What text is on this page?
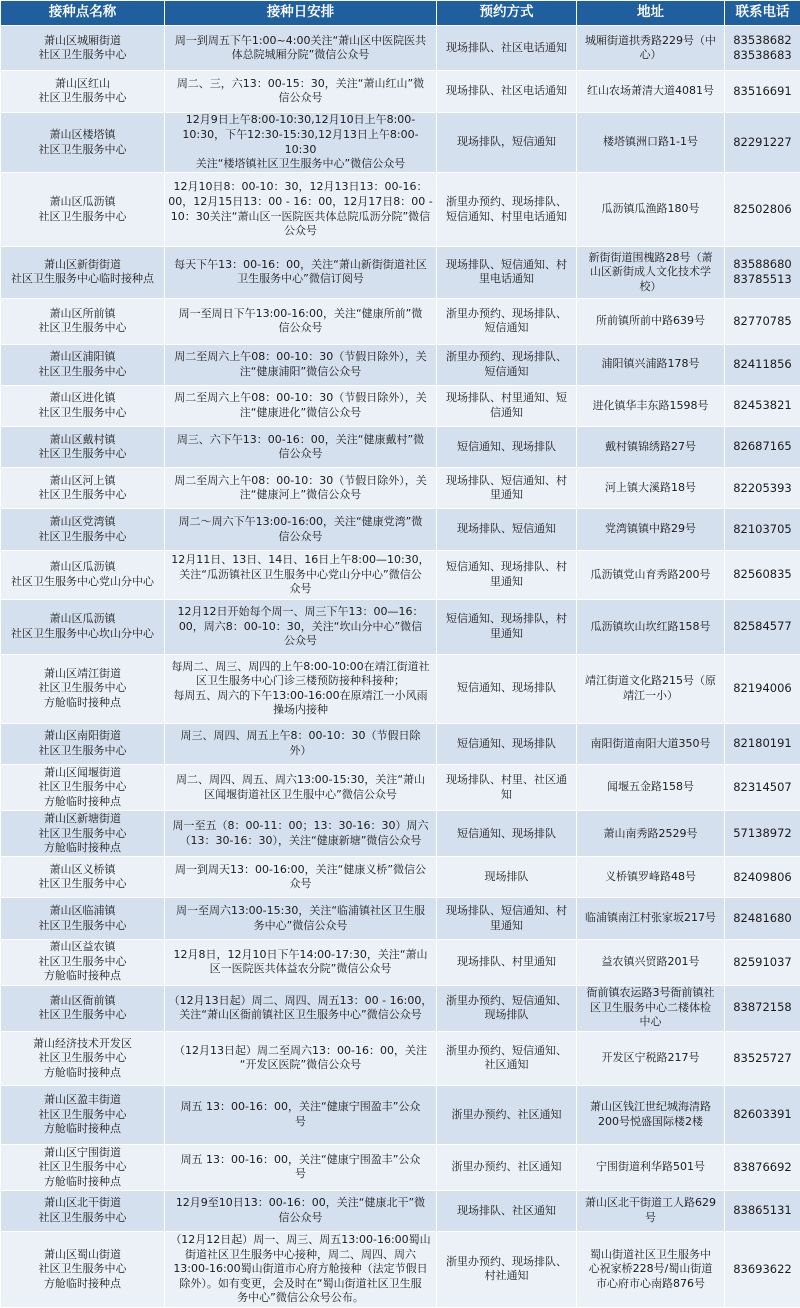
接种点名称	接种日安排	预约方式	地址	联系电话
萧山区城厢街道
社区卫生服务中心	周一到周五下午1:00~4:00关注“萧山区中医院医共
体总院城厢分院”微信公众号	现场排队、社区电话通知	城厢街道拱秀路229号（中
心）	83538682
83538683
萧山区红山
社区卫生服务中心	周二、三，六13：00-15：30，关注“萧山红山”微
信公众号	现场排队、社区电话通知	红山农场萧清大道4081号	83516691
萧山区楼塔镇
社区卫生服务中心	12月9日上午8:00-10:30,12月10日上午8:00-
10:30，下午12:30-15:30,12月13日上午8:00-10:30
关注“楼塔镇社区卫生服务中心”微信公众号	现场排队，短信通知	楼塔镇洲口路1-1号	82291227
萧山区瓜沥镇
社区卫生服务中心	12月10日8：00-10：30，12月13日13：00-16：
00，12月15日13：00 - 16：00，12月17日8：00 -
10：30关注“萧山区一医院医共体总院瓜沥分院”微信
公众号	浙里办预约、现场排队、
短信通知、村里电话通知	瓜沥镇瓜渔路180号	82502806
萧山区新街街道
社区卫生服务中心临时接种点	每天下午13：00-16：00，关注“萧山新街街道社区
卫生服务中心”微信订阅号	现场排队、短信通知、村
里电话通知	新街街道围槐路28号（萧
山区新街成人文化技术学
校）	83588680
83785513
萧山区所前镇
社区卫生服务中心	周一至周日下午13:00-16:00，关注“健康所前”微
信公众号	浙里办预约、现场排队、
短信通知	所前镇所前中路639号	82770785
萧山区浦阳镇
社区卫生服务中心	周二至周六上午08：00-10：30（节假日除外），关
注“健康浦阳”微信公众号	浙里办预约、现场排队、
短信通知	浦阳镇兴浦路178号	82411856
萧山区进化镇
社区卫生服务中心	周二至周六上午08：00-10：30（节假日除外），关
注“健康进化”微信公众号	现场排队、村里通知、短
信通知	进化镇华丰东路1598号	82453821
萧山区戴村镇
社区卫生服务中心	周三、六下午13：00-16：00，关注“健康戴村”微
信公众号	短信通知、现场排队	戴村镇锦绣路27号	82687165
萧山区河上镇
社区卫生服务中心	周二至周六上午08：00-10：30（节假日除外），关
注“健康河上”微信公众号	现场排队、短信通知、村
里通知	河上镇大溪路18号	82205393
萧山区党湾镇
社区卫生服务中心	周二～周六下午13:00-16:00，关注“健康党湾”微
信公众号	现场排队、短信通知	党湾镇镇中路29号	82103705
萧山区瓜沥镇
社区卫生服务中心党山分中心	12月11日、13日、14日、16日上午8:00—10:30，
关注“瓜沥镇社区卫生服务中心党山分中心”微信公
众号	短信通知、现场排队、村
里通知	瓜沥镇党山育秀路200号	82560835
萧山区瓜沥镇
社区卫生服务中心坎山分中心	12月12日开始每个周一、周三下午13：00—16：
00，周六8：00-10：30，关注“坎山分中心”微信
公众号	短信通知、现场排队，村
里通知	瓜沥镇坎山坎红路158号	82584577
萧山区靖江街道
社区卫生服务中心
方舱临时接种点	每周二、周三、周四的上午8:00-10:00在靖江街道社
区卫生服务中心门诊三楼预防接种科接种；
每周五、周六的下午13:00-16:00在原靖江一小风雨
操场内接种	短信通知、现场排队	靖江街道文化路215号（原
靖江一小）	82194006
萧山区南阳街道
社区卫生服务中心	周三、周四、周五上午8：00-10：30（节假日除
外）	短信通知、现场排队	南阳街道南阳大道350号	82180191
萧山区闻堰街道
社区卫生服务中心
方舱临时接种点	周二、周四、周五、周六13:00-15:30，关注“萧山
区闻堰街道社区卫生服中心”微信公众号	现场排队、村里、社区通
知	闻堰五金路158号	82314507
萧山区新塘街道
社区卫生服务中心
方舱临时接种点	周一至五（8：00-11：00；13：30-16：30）周六
（13：30-16：30），关注“健康新塘”微信公众号	短信通知、现场排队	萧山南秀路2529号	57138972
萧山区义桥镇
社区卫生服务中心	周一到周天13：00-16:00，关注“健康义桥”微信公
众号	现场排队	义桥镇罗峰路48号	82409806
萧山区临浦镇
社区卫生服务中心	周一至周六13:00-15:30，关注“临浦镇社区卫生服
务中心”微信公众号	现场排队、短信通知、村
里通知	临浦镇南江村张家坂217号	82481680
萧山区益农镇
社区卫生服务中心
方舱临时接种点	12月8日，12月10日下午14:00-17:30，关注“萧山
区一医院医共体益农分院”微信公众号	现场排队、村里通知	益农镇兴贸路201号	82591037
萧山区衙前镇
社区卫生服务中心	（12月13日起）周二、周四、周五13：00 - 16:00，
关注“萧山区衙前镇社区卫生服务中心”微信公众号	浙里办预约、短信通知、
现场排队	衙前镇农运路3号衙前镇社
区卫生服务中心二楼体检
中心	83872158
萧山经济技术开发区
社区卫生服务中心
方舱临时接种点	（12月13日起）周二至周六13：00-16：00，关注
“开发区医院”微信公众号	浙里办预约、短信通知、
社区通知	开发区宁税路217号	83525727
萧山区盈丰街道
社区卫生服务中心
方舱临时接种点	周五 13：00-16：00，关注“健康宁围盈丰”公众
号	浙里办预约、社区通知	萧山区钱江世纪城海清路
200号悦盛国际楼2楼	82603391
萧山区宁围街道
社区卫生服务中心
方舱临时接种点	周五 13：00-16：00，关注“健康宁围盈丰”公众
号	浙里办预约、社区通知	宁围街道利华路501号	83876692
萧山区北干街道
社区卫生服务中心	12月9至10日13：00-16：00，关注“健康北干”微
信公众号	现场排队、社区通知	萧山区北干街道工人路629
号	83865131
萧山区蜀山街道
社区卫生服务中心
方舱临时接种点	（12月12日起）周一、周三、周五13:00-16:00蜀山
街道社区卫生服务中心接种，周二、周四、周六
13:00-16:00蜀山街道市心府方舱接种（法定节假日
除外）。如有变更，会及时在“蜀山街道社区卫生服
务中心”微信公众号公布。	浙里办预约、现场排队、
村社通知	蜀山街道社区卫生服务中
心祝家桥228号/蜀山街道
市心府市心南路876号	83693622
